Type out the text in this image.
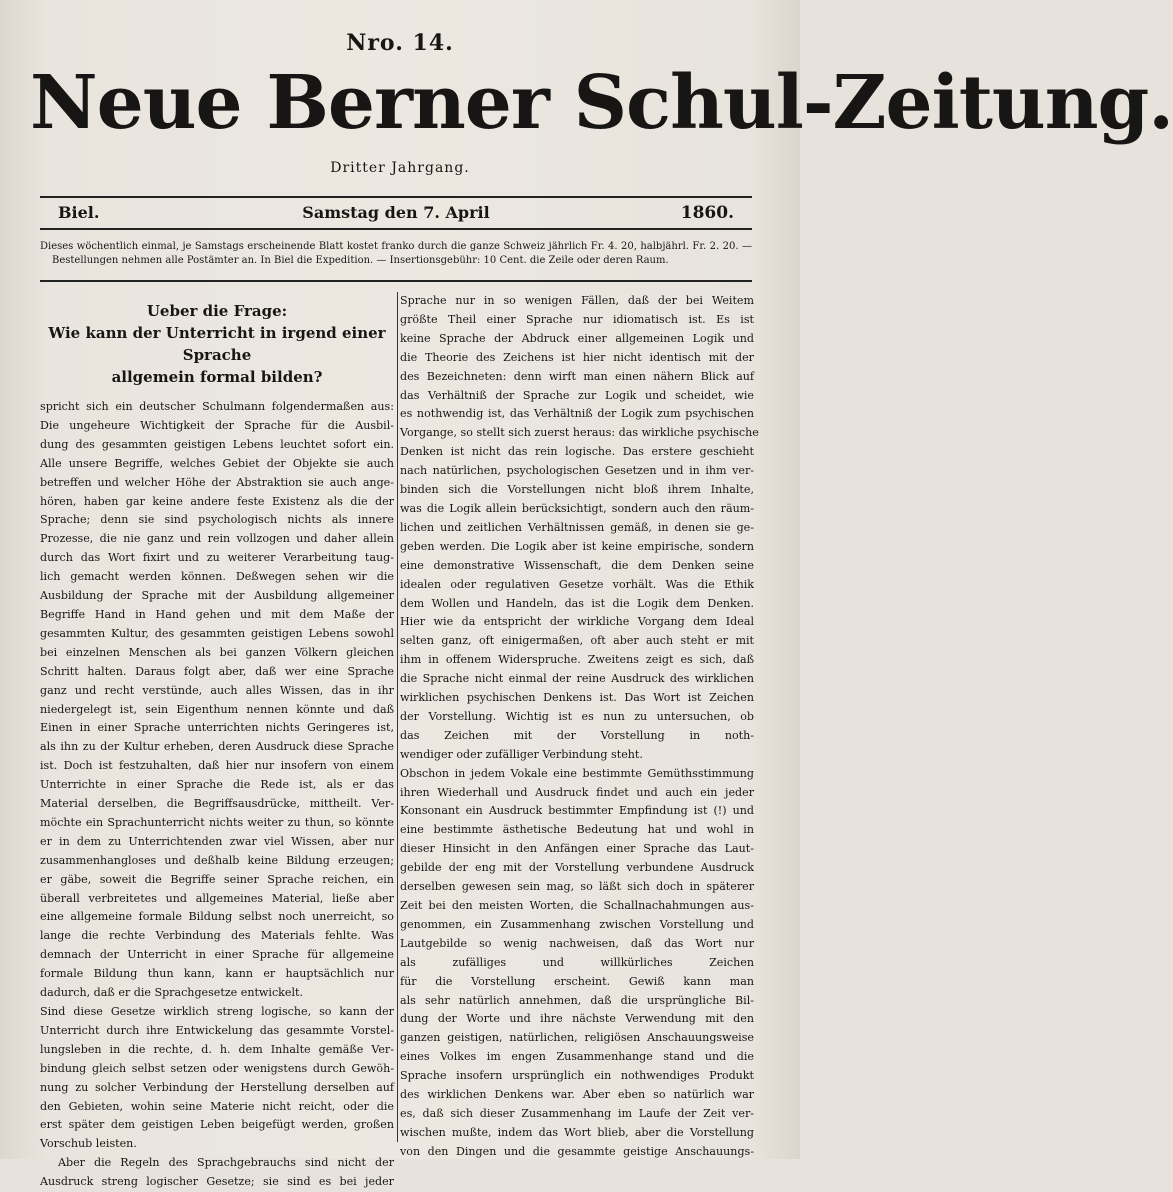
Nro. 14.
Neue Berner Schul-Zeitung.
Dritter Jahrgang.
Samstag den 7. April
Biel.	1860.
Dieses wöchentlich einmal, je Samstags erscheinende Blatt kostet franko durch die ganze Schweiz jährlich Fr. 4. 20, halbjährl. Fr. 2. 20. —
Bestellungen nehmen alle Postämter an. In Biel die Expedition. — Insertionsgebühr: 10 Cent. die Zeile oder deren Raum.
Ueber die Frage:
Wie kann der Unterricht in irgend einer Sprache
allgemein formal bilden?
spricht sich ein deutscher Schulmann folgendermaßen aus:
Die ungeheure Wichtigkeit der Sprache für die Ausbil-
dung des gesammten geistigen Lebens leuchtet sofort ein.
Alle unsere Begriffe, welches Gebiet der Objekte sie auch
betreffen und welcher Höhe der Abstraktion sie auch ange-
hören, haben gar keine andere feste Existenz als die der
Sprache; denn sie sind psychologisch nichts als innere
Prozesse, die nie ganz und rein vollzogen und daher allein
durch das Wort fixirt und zu weiterer Verarbeitung taug-
lich gemacht werden können. Deßwegen sehen wir die
Ausbildung der Sprache mit der Ausbildung allgemeiner
Begriffe Hand in Hand gehen und mit dem Maße der
gesammten Kultur, des gesammten geistigen Lebens sowohl
bei einzelnen Menschen als bei ganzen Völkern gleichen
Schritt halten. Daraus folgt aber, daß wer eine Sprache
ganz und recht verstünde, auch alles Wissen, das in ihr
niedergelegt ist, sein Eigenthum nennen könnte und daß
Einen in einer Sprache unterrichten nichts Geringeres ist,
als ihn zu der Kultur erheben, deren Ausdruck diese Sprache
ist. Doch ist festzuhalten, daß hier nur insofern von einem
Unterrichte in einer Sprache die Rede ist, als er das
Material derselben, die Begriffsausdrücke, mittheilt. Ver-
möchte ein Sprachunterricht nichts weiter zu thun, so könnte
er in dem zu Unterrichtenden zwar viel Wissen, aber nur
zusammenhangloses und deßhalb keine Bildung erzeugen;
er gäbe, soweit die Begriffe seiner Sprache reichen, ein
überall verbreitetes und allgemeines Material, ließe aber
eine allgemeine formale Bildung selbst noch unerreicht, so
lange die rechte Verbindung des Materials fehlte. Was
demnach der Unterricht in einer Sprache für allgemeine
formale Bildung thun kann, kann er hauptsächlich nur
dadurch, daß er die Sprachgesetze entwickelt.
Sind diese Gesetze wirklich streng logische, so kann der
Unterricht durch ihre Entwickelung das gesammte Vorstel-
lungsleben in die rechte, d. h. dem Inhalte gemäße Ver-
bindung gleich selbst setzen oder wenigstens durch Gewöh-
nung zu solcher Verbindung der Herstellung derselben auf
den Gebieten, wohin seine Materie nicht reicht, oder die
erst später dem geistigen Leben beigefügt werden, großen
Vorschub leisten.
Aber die Regeln des Sprachgebrauchs sind nicht der
Ausdruck streng logischer Gesetze; sie sind es bei jeder
Sprache nur in so wenigen Fällen, daß der bei Weitem
größte Theil einer Sprache nur idiomatisch ist. Es ist
keine Sprache der Abdruck einer allgemeinen Logik und
die Theorie des Zeichens ist hier nicht identisch mit der
des Bezeichneten: denn wirft man einen nähern Blick auf
das Verhältniß der Sprache zur Logik und scheidet, wie
es nothwendig ist, das Verhältniß der Logik zum psychischen
Vorgange, so stellt sich zuerst heraus: das wirkliche psychische
Denken ist nicht das rein logische. Das erstere geschieht
nach natürlichen, psychologischen Gesetzen und in ihm ver-
binden sich die Vorstellungen nicht bloß ihrem Inhalte,
was die Logik allein berücksichtigt, sondern auch den räum-
lichen und zeitlichen Verhältnissen gemäß, in denen sie ge-
geben werden. Die Logik aber ist keine empirische, sondern
eine demonstrative Wissenschaft, die dem Denken seine
idealen oder regulativen Gesetze vorhält. Was die Ethik
dem Wollen und Handeln, das ist die Logik dem Denken.
Hier wie da entspricht der wirkliche Vorgang dem Ideal
selten ganz, oft einigermaßen, oft aber auch steht er mit
ihm in offenem Widerspruche. Zweitens zeigt es sich, daß
die Sprache nicht einmal der reine Ausdruck des wirklichen
wirklichen psychischen Denkens ist. Das Wort ist Zeichen
der Vorstellung. Wichtig ist es nun zu untersuchen, ob
das Zeichen mit der Vorstellung in noth-
wendiger oder zufälliger Verbindung steht.
Obschon in jedem Vokale eine bestimmte Gemüthsstimmung
ihren Wiederhall und Ausdruck findet und auch ein jeder
Konsonant ein Ausdruck bestimmter Empfindung ist (!) und
eine bestimmte ästhetische Bedeutung hat und wohl in
dieser Hinsicht in den Anfängen einer Sprache das Laut-
gebilde der eng mit der Vorstellung verbundene Ausdruck
derselben gewesen sein mag, so läßt sich doch in späterer
Zeit bei den meisten Worten, die Schallnachahmungen aus-
genommen, ein Zusammenhang zwischen Vorstellung und
Lautgebilde so wenig nachweisen, daß das Wort nur
als zufälliges und willkürliches Zeichen
für die Vorstellung erscheint. Gewiß kann man
als sehr natürlich annehmen, daß die ursprüngliche Bil-
dung der Worte und ihre nächste Verwendung mit den
ganzen geistigen, natürlichen, religiösen Anschauungsweise
eines Volkes im engen Zusammenhange stand und die
Sprache insofern ursprünglich ein nothwendiges Produkt
des wirklichen Denkens war. Aber eben so natürlich war
es, daß sich dieser Zusammenhang im Laufe der Zeit ver-
wischen mußte, indem das Wort blieb, aber die Vorstellung
von den Dingen und die gesammte geistige Anschauungs-
